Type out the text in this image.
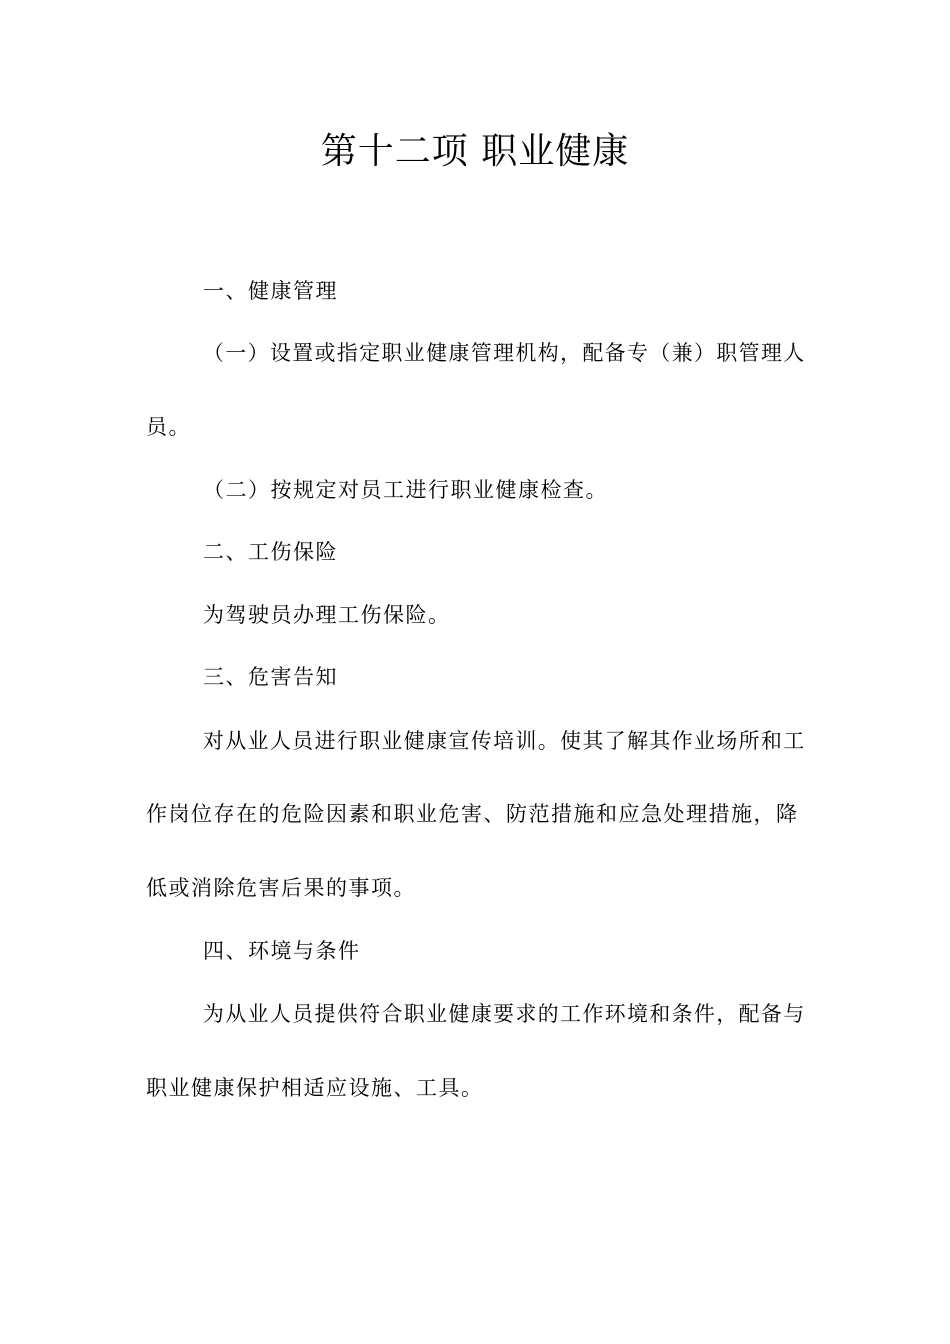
第十二项 职业健康
一、健康管理
（一）设置或指定职业健康管理机构，配备专（兼）职管理人
员。
（二）按规定对员工进行职业健康检查。
二、工伤保险
为驾驶员办理工伤保险。
三、危害告知
对从业人员进行职业健康宣传培训。使其了解其作业场所和工
作岗位存在的危险因素和职业危害、防范措施和应急处理措施，降
低或消除危害后果的事项。
四、环境与条件
为从业人员提供符合职业健康要求的工作环境和条件，配备与
职业健康保护相适应设施、工具。
